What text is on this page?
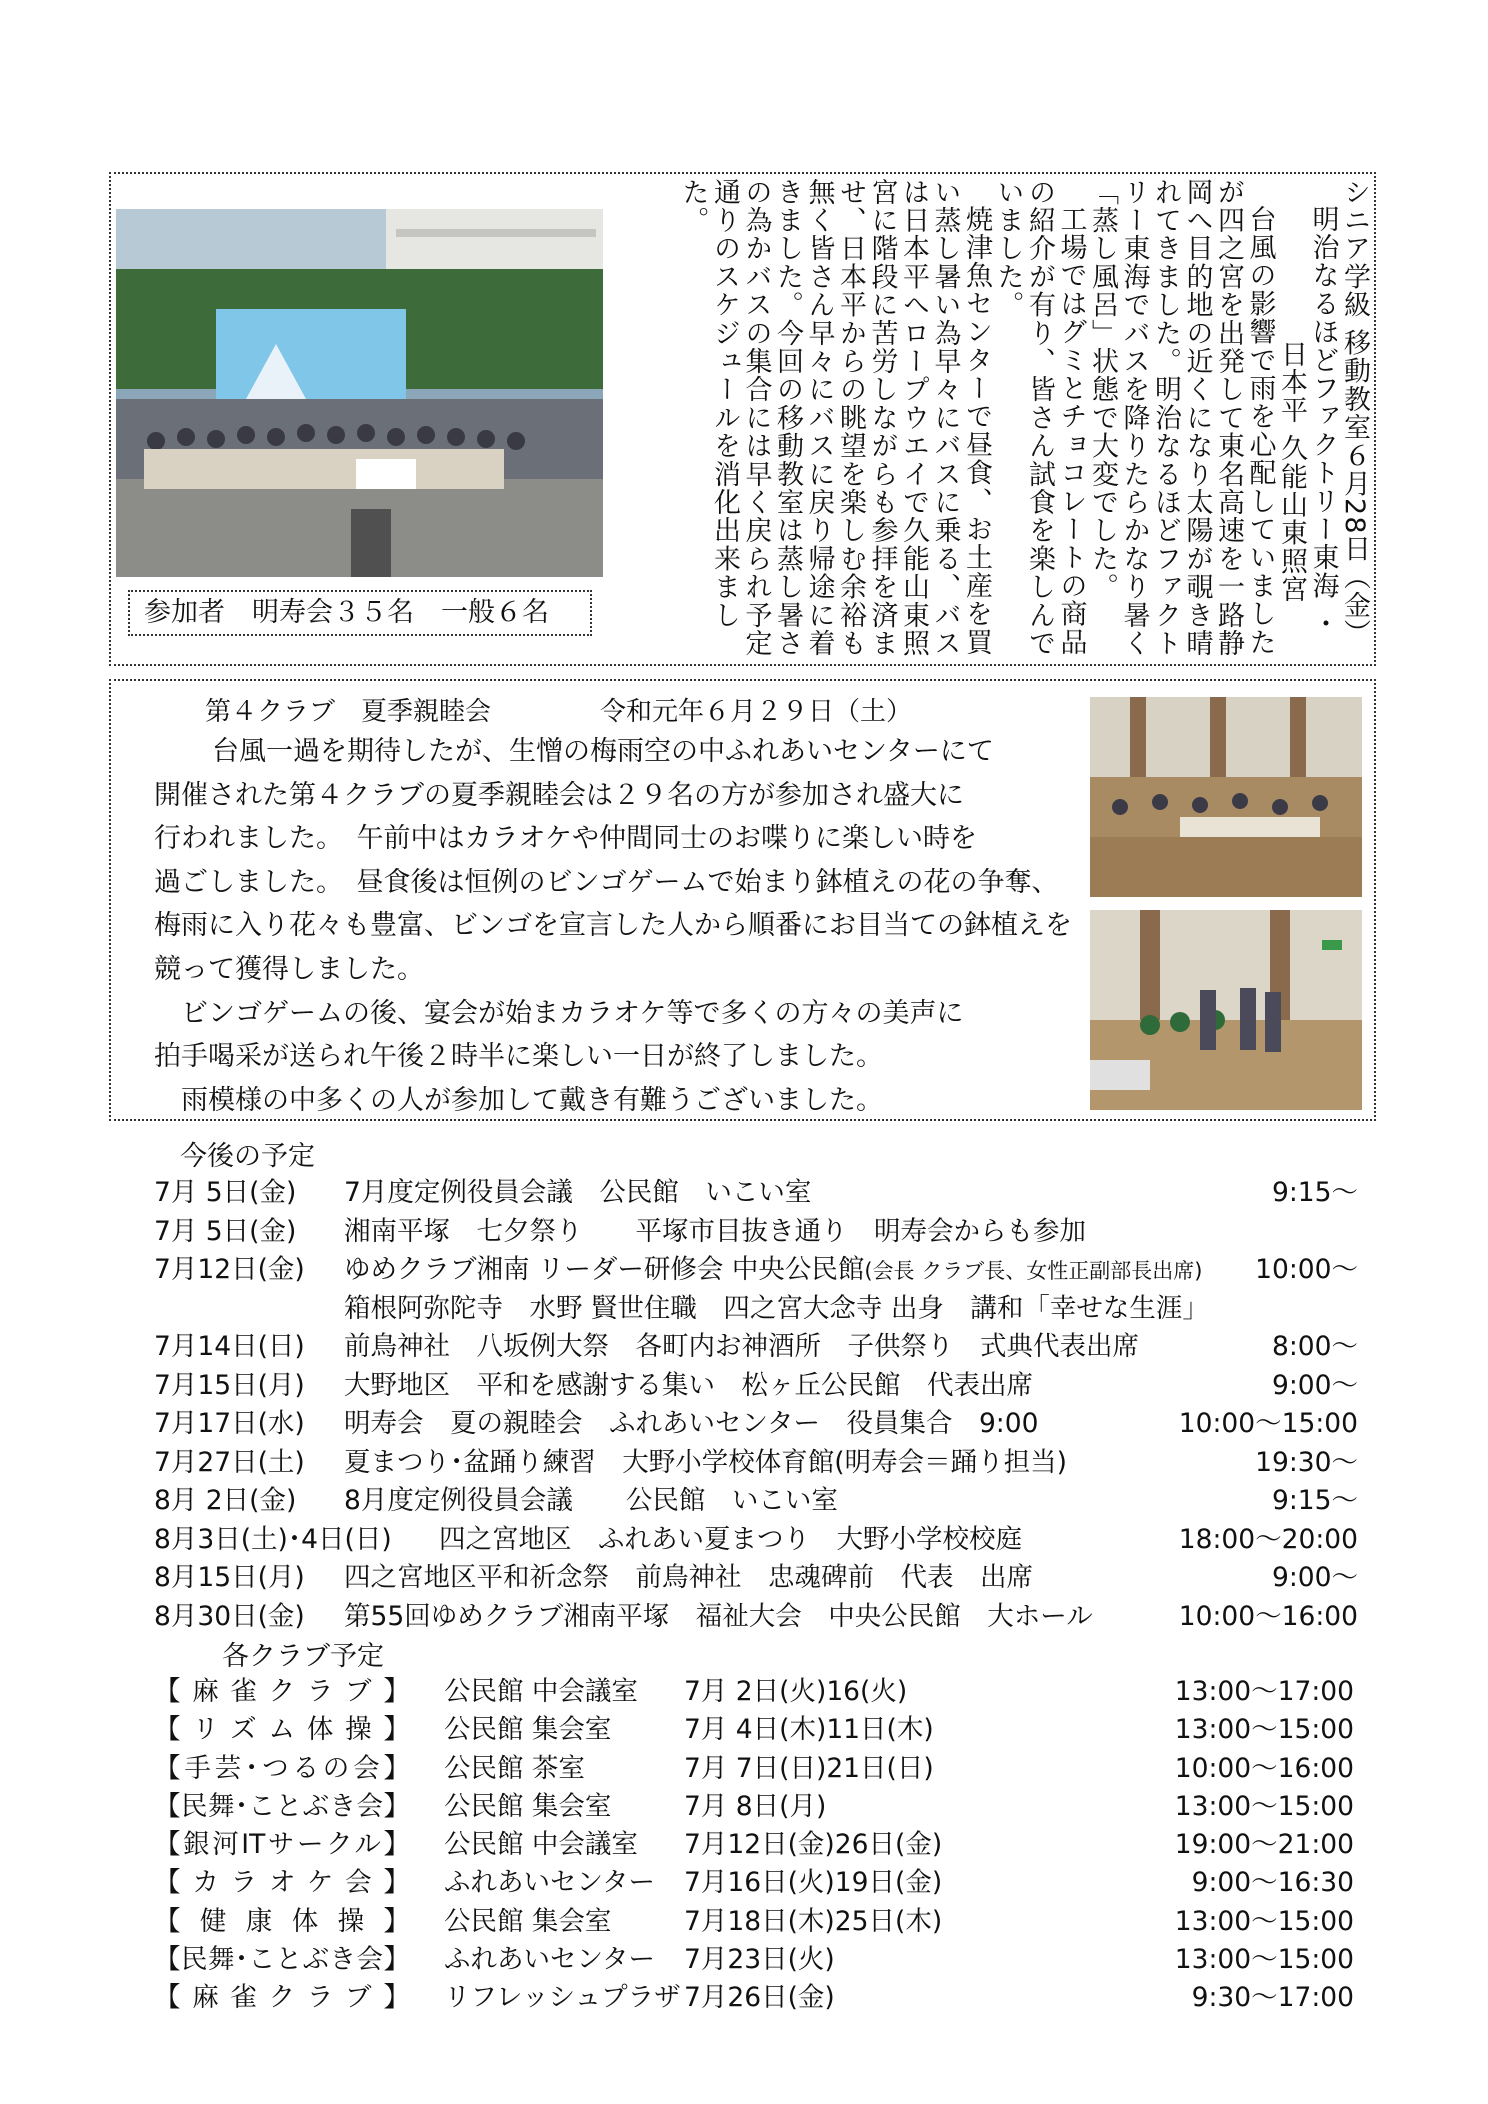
シニア学級 移動教室６月28日（金）

明治なるほどファクトリー東海 ・

日本平 久能山東照宮

台風の影響で雨を心配していましたが四之宮を出発して東名高速を一路静岡へ目的地の近くになり太陽が覗き晴れてきました。明治なるほどファクトリー東海でバスを降りたらかなり暑く「蒸し風呂」状態で大変でした。

工場ではグミとチョコレートの商品の紹介が有り、皆さん試食を楽しんでいました。

焼津魚センターで昼食、お土産を買い蒸し暑い為早々にバスに乗る、バスは日本平へロープウエイで久能山東照宮に階段に苦労しながらも参拝を済ませ、日本平からの眺望を楽しむ余裕も無く皆さん早々にバスに戻り帰途に着きました。今回の移動教室は蒸し暑さの為かバスの集合には早く戻られ予定通りのスケジュールを消化出来ました。

参加者　明寿会３５名　一般６名
第４クラブ　夏季親睦会	令和元年６月２９日（土）
台風一過を期待したが、生憎の梅雨空の中ふれあいセンターにて
開催された第４クラブの夏季親睦会は２９名の方が参加され盛大に
行われました。　午前中はカラオケや仲間同士のお喋りに楽しい時を
過ごしました。　昼食後は恒例のビンゴゲームで始まり鉢植えの花の争奪、
梅雨に入り花々も豊富、ビンゴを宣言した人から順番にお目当ての鉢植えを
競って獲得しました。
　ビンゴゲームの後、宴会が始まカラオケ等で多くの方々の美声に
拍手喝采が送られ午後２時半に楽しい一日が終了しました。
　雨模様の中多くの人が参加して戴き有難うございました。
今後の予定
7月 5日(金) 7月度定例役員会議　公民館　いこい室	9:15～
7月 5日(金) 湘南平塚　七夕祭り　　平塚市目抜き通り　明寿会からも参加
7月12日(金) ゆめクラブ湘南 リーダー研修会 中央公民館(会長 クラブ長、女性正副部長出席) 10:00～
箱根阿弥陀寺　水野 賢世住職　四之宮大念寺 出身　講和「幸せな生涯」
7月14日(日) 前鳥神社　八坂例大祭　各町内お神酒所　子供祭り　式典代表出席	8:00～
7月15日(月) 大野地区　平和を感謝する集い　松ヶ丘公民館　代表出席	9:00～
7月17日(水) 明寿会　夏の親睦会　ふれあいセンター　役員集合　9:00	10:00～15:00
7月27日(土) 夏まつり･盆踊り練習　大野小学校体育館(明寿会＝踊り担当)	19:30～
8月 2日(金) 8月度定例役員会議　　公民館　いこい室	9:15～
8月3日(土)･4日(日) 四之宮地区　ふれあい夏まつり　大野小学校校庭	18:00～20:00
8月15日(月) 四之宮地区平和祈念祭　前鳥神社　忠魂碑前　代表　出席	9:00～
8月30日(金) 第55回ゆめクラブ湘南平塚　福祉大会　中央公民館　大ホール	10:00～16:00
各クラブ予定
【麻雀クラブ】 公民館 中会議室 7月 2日(火)16(火)	13:00～17:00
【リズム体操】 公民館 集会室	7月 4日(木)11日(木)	13:00～15:00
【手芸･つるの会】 公民館 茶室	7月 7日(日)21日(日)	10:00～16:00
【民舞･ことぶき会】 公民館 集会室	7月 8日(月)	13:00～15:00
【銀河ITサークル】 公民館 中会議室 7月12日(金)26日(金)	19:00～21:00
【カラオケ会】 ふれあいセンター 7月16日(火)19日(金)	9:00～16:30
【健康体操】 公民館 集会室	7月18日(木)25日(木)	13:00～15:00
【民舞･ことぶき会】 ふれあいセンター 7月23日(火)	13:00～15:00
【麻雀クラブ】 リフレッシュプラザ 7月26日(金)	9:30～17:00
